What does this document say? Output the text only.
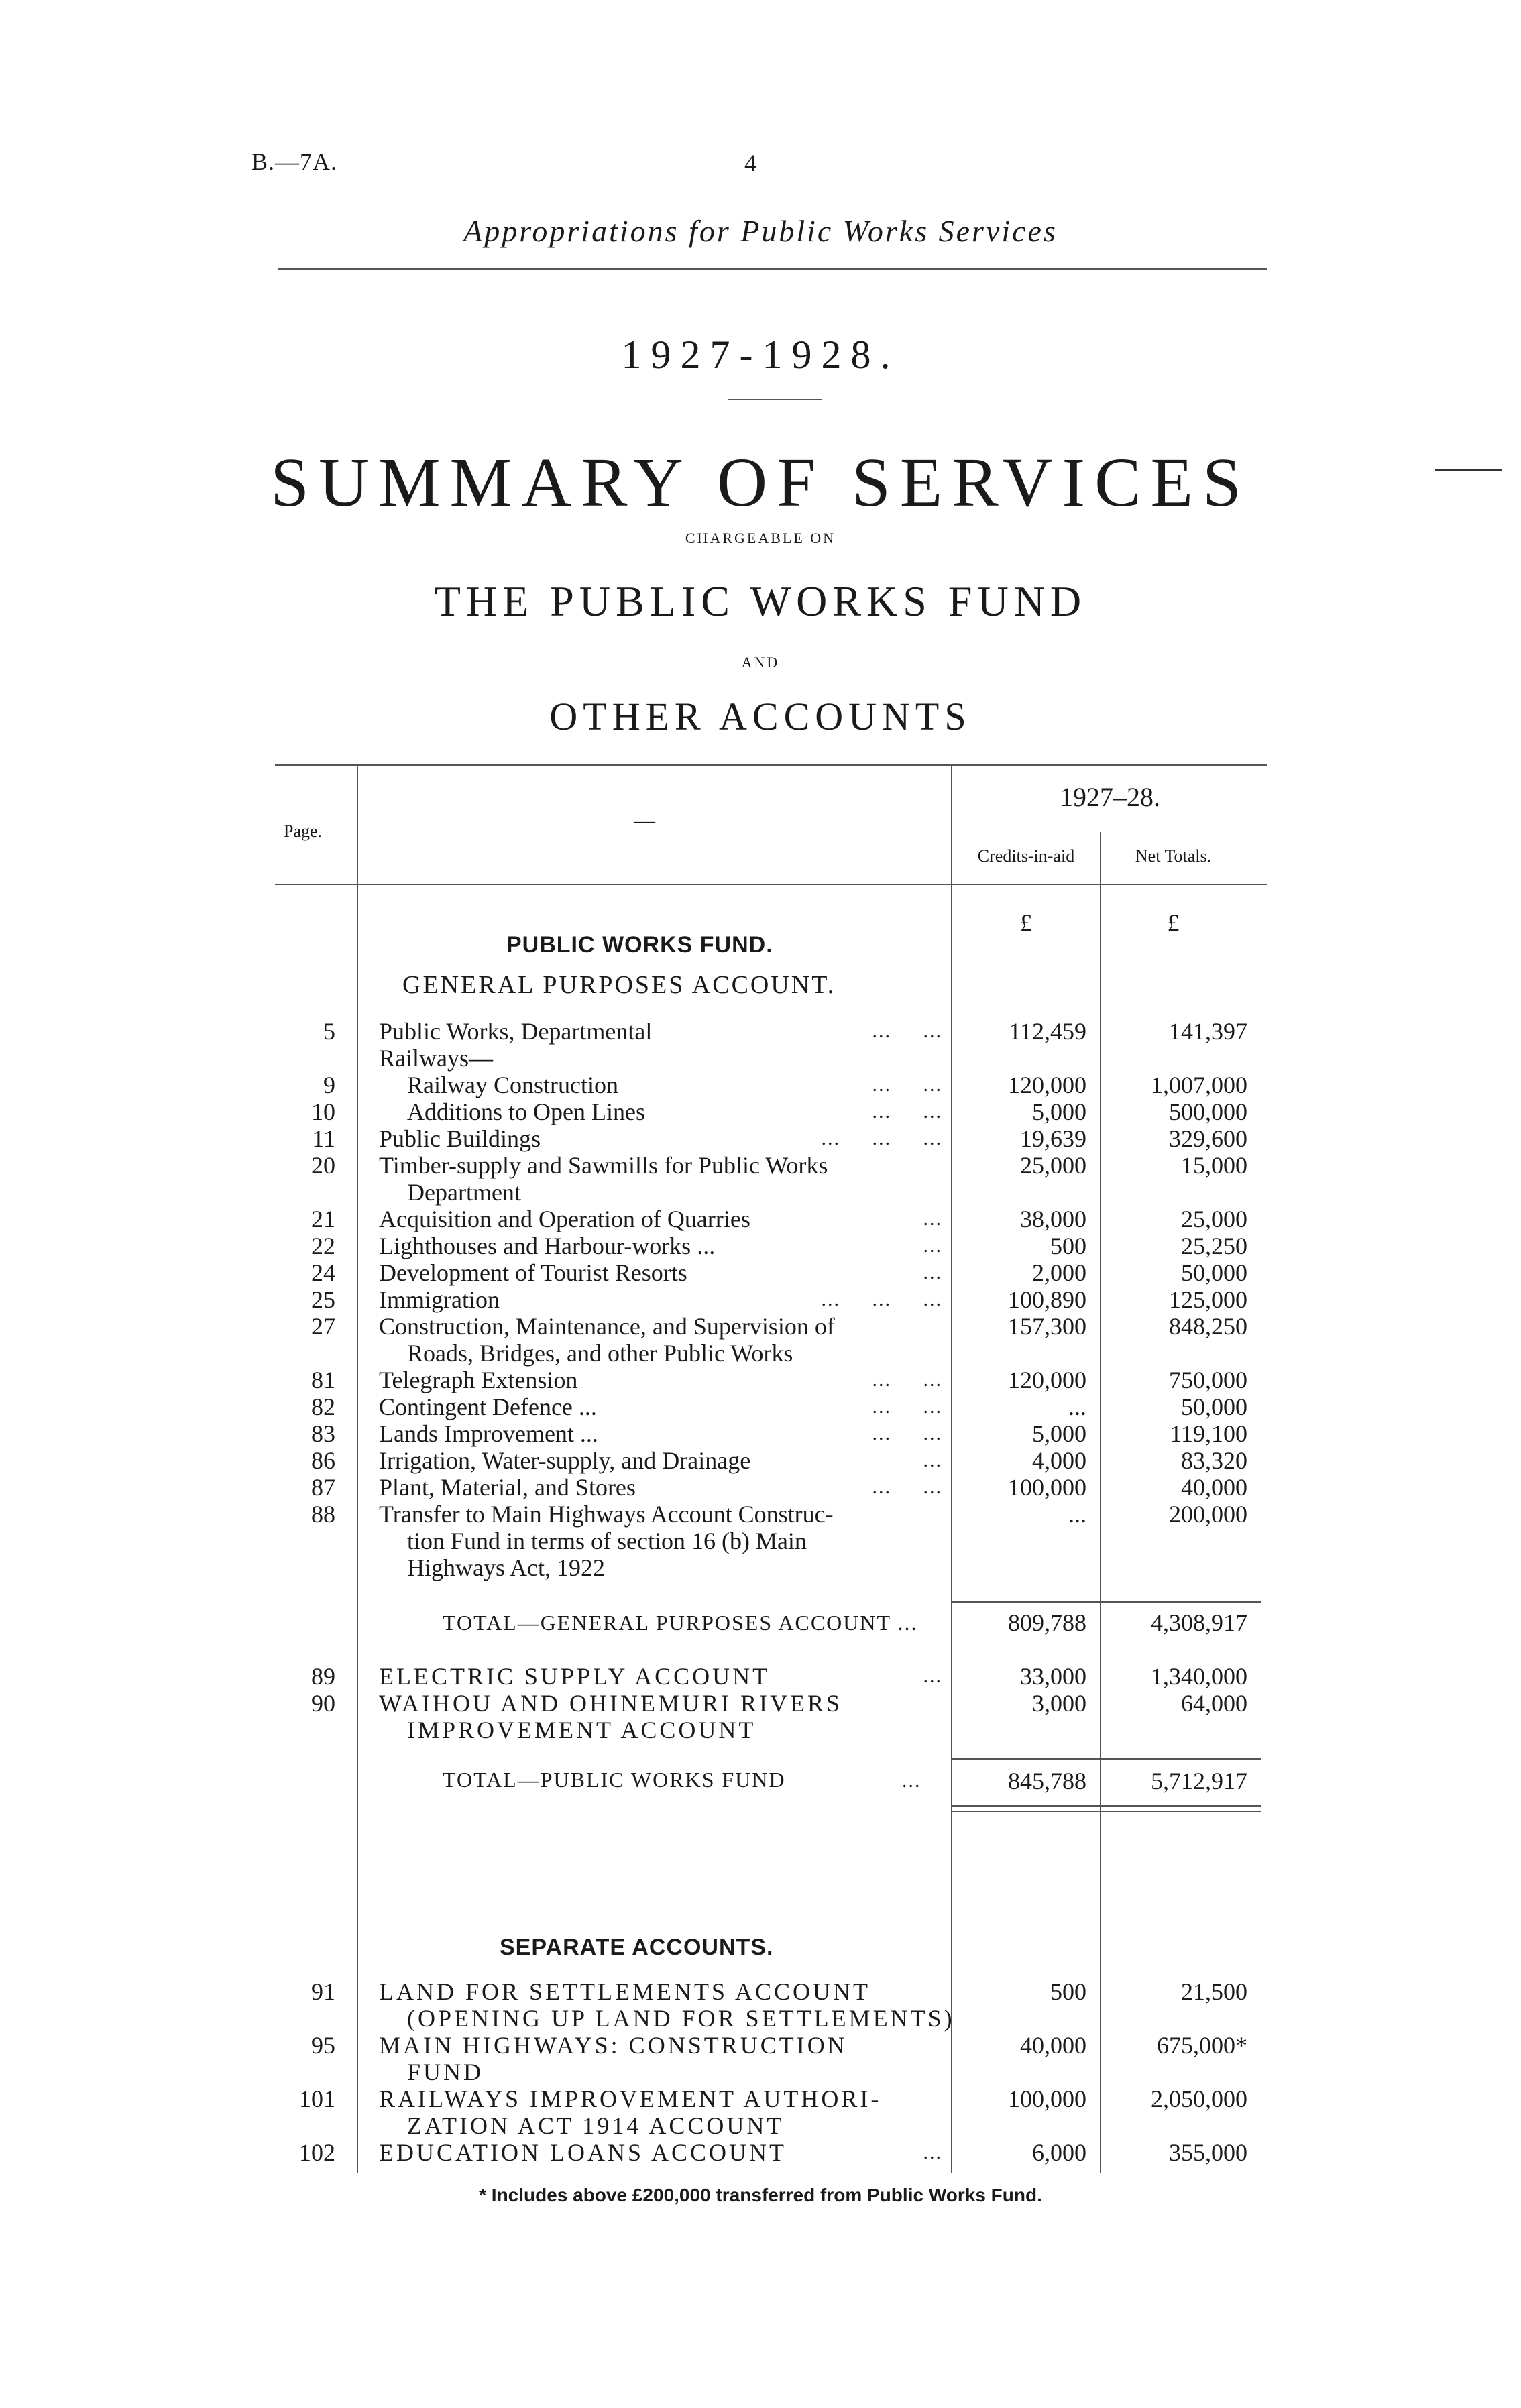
B.—7A.	4
Appropriations for Public Works Services
1927-1928.
SUMMARY OF SERVICES
CHARGEABLE ON
THE PUBLIC WORKS FUND
AND
OTHER ACCOUNTS
Page.	—
1927–28.
Credits-in-aid	Net Totals.
£	£
PUBLIC WORKS FUND.
GENERAL PURPOSES ACCOUNT.
5 Public Works, Departmental	...     ...	112,459	141,397
Railways—
9	Railway Construction	...     ...	120,000	1,007,000
10	Additions to Open Lines	...     ...	5,000	500,000
11 Public Buildings	...     ...     ...	19,639	329,600
20 Timber-supply and Sawmills for Public Works
Department
25,000	15,000
21 Acquisition and Operation of Quarries	...	38,000	25,000
22 Lighthouses and Harbour-works ...	...	500	25,250
24 Development of Tourist Resorts	...	2,000	50,000
25 Immigration	...     ...     ...	100,890	125,000
27 Construction, Maintenance, and Supervision of
Roads, Bridges, and other Public Works
157,300	848,250
81 Telegraph Extension	...     ...	120,000	750,000
82 Contingent Defence ...	...     ...	...	50,000
83 Lands Improvement ...	...     ...	5,000	119,100
86 Irrigation, Water-supply, and Drainage	...	4,000	83,320
87 Plant, Material, and Stores	...     ...	100,000	40,000
88 Transfer to Main Highways Account Construc-
tion Fund in terms of section 16 (b) Main
Highways Act, 1922
...	200,000
TOTAL—GENERAL PURPOSES ACCOUNT ...	809,788	4,308,917
89 ELECTRIC SUPPLY ACCOUNT	...	33,000	1,340,000
90 WAIHOU AND OHINEMURI RIVERS
IMPROVEMENT ACCOUNT
3,000	64,000
TOTAL—PUBLIC WORKS FUND	...	845,788	5,712,917
SEPARATE ACCOUNTS.
91 LAND FOR SETTLEMENTS ACCOUNT
(OPENING UP LAND FOR SETTLEMENTS)
500	21,500
95 MAIN HIGHWAYS: CONSTRUCTION
FUND
40,000	675,000*
101 RAILWAYS IMPROVEMENT AUTHORI-
ZATION ACT 1914 ACCOUNT
100,000	2,050,000
102 EDUCATION LOANS ACCOUNT	...	6,000	355,000
* Includes above £200,000 transferred from Public Works Fund.
